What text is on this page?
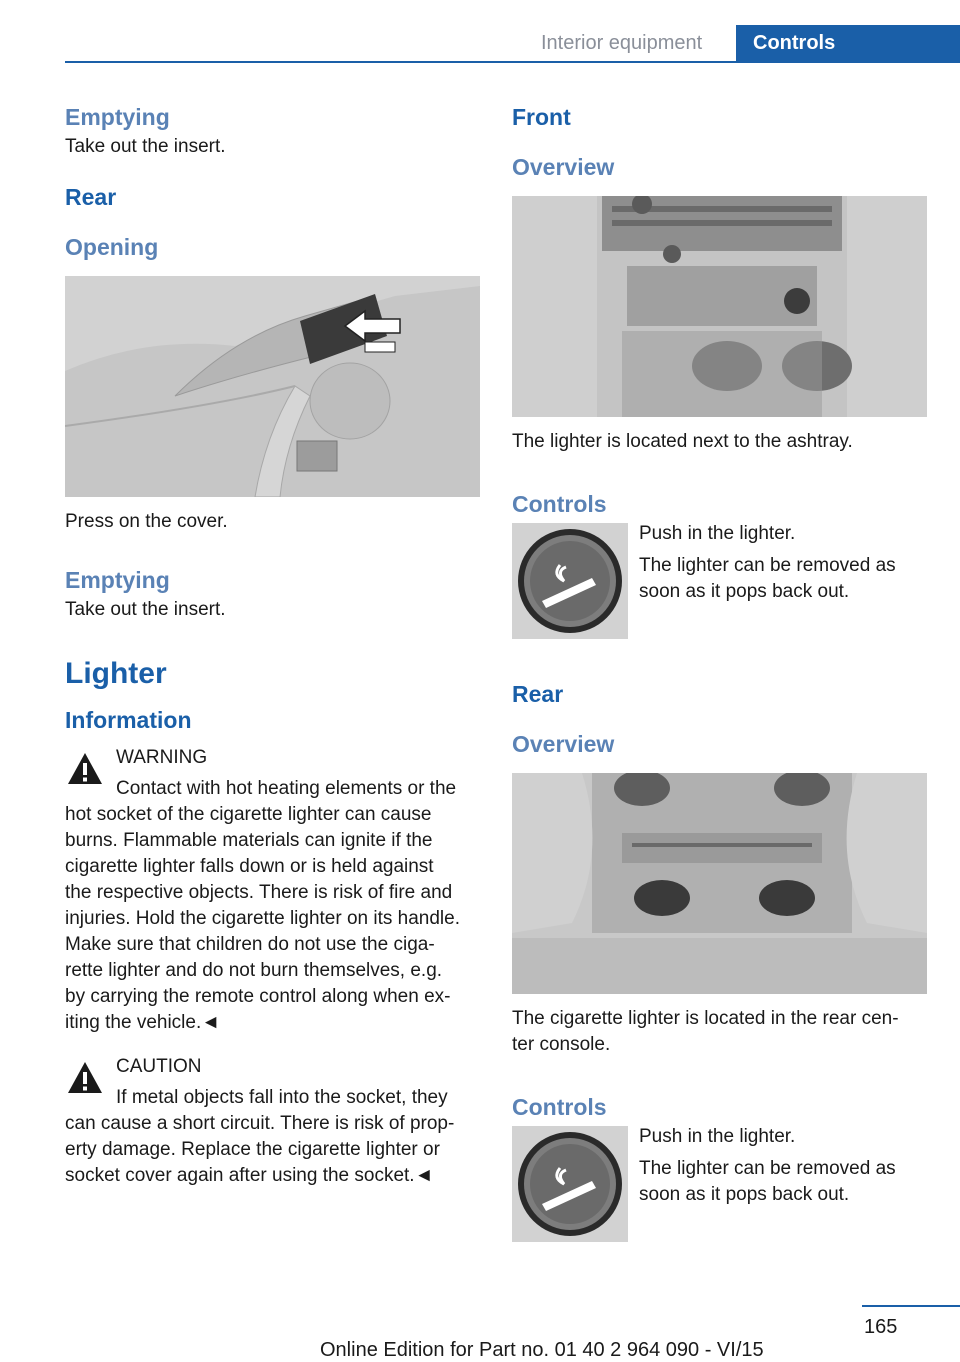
Interior equipment	Controls
Emptying

Take out the insert.

Rear
Opening

Press on the cover.

Emptying

Take out the insert.

Lighter
Information

WARNING

Contact with hot heating elements or the

hot socket of the cigarette lighter can cause

burns. Flammable materials can ignite if the

cigarette lighter falls down or is held against

the respective objects. There is risk of fire and

injuries. Hold the cigarette lighter on its handle.

Make sure that children do not use the ciga-

rette lighter and do not burn themselves, e.g.

by carrying the remote control along when ex-

iting the vehicle.◄

CAUTION

If metal objects fall into the socket, they

can cause a short circuit. There is risk of prop-

erty damage. Replace the cigarette lighter or

socket cover again after using the socket.◄

Front
Overview

The lighter is located next to the ashtray.

Controls

Push in the lighter.

The lighter can be removed as

soon as it pops back out.

Rear
Overview

The cigarette lighter is located in the rear cen-

ter console.

Controls

Push in the lighter.

The lighter can be removed as

soon as it pops back out.

165
Online Edition for Part no. 01 40 2 964 090 - VI/15
